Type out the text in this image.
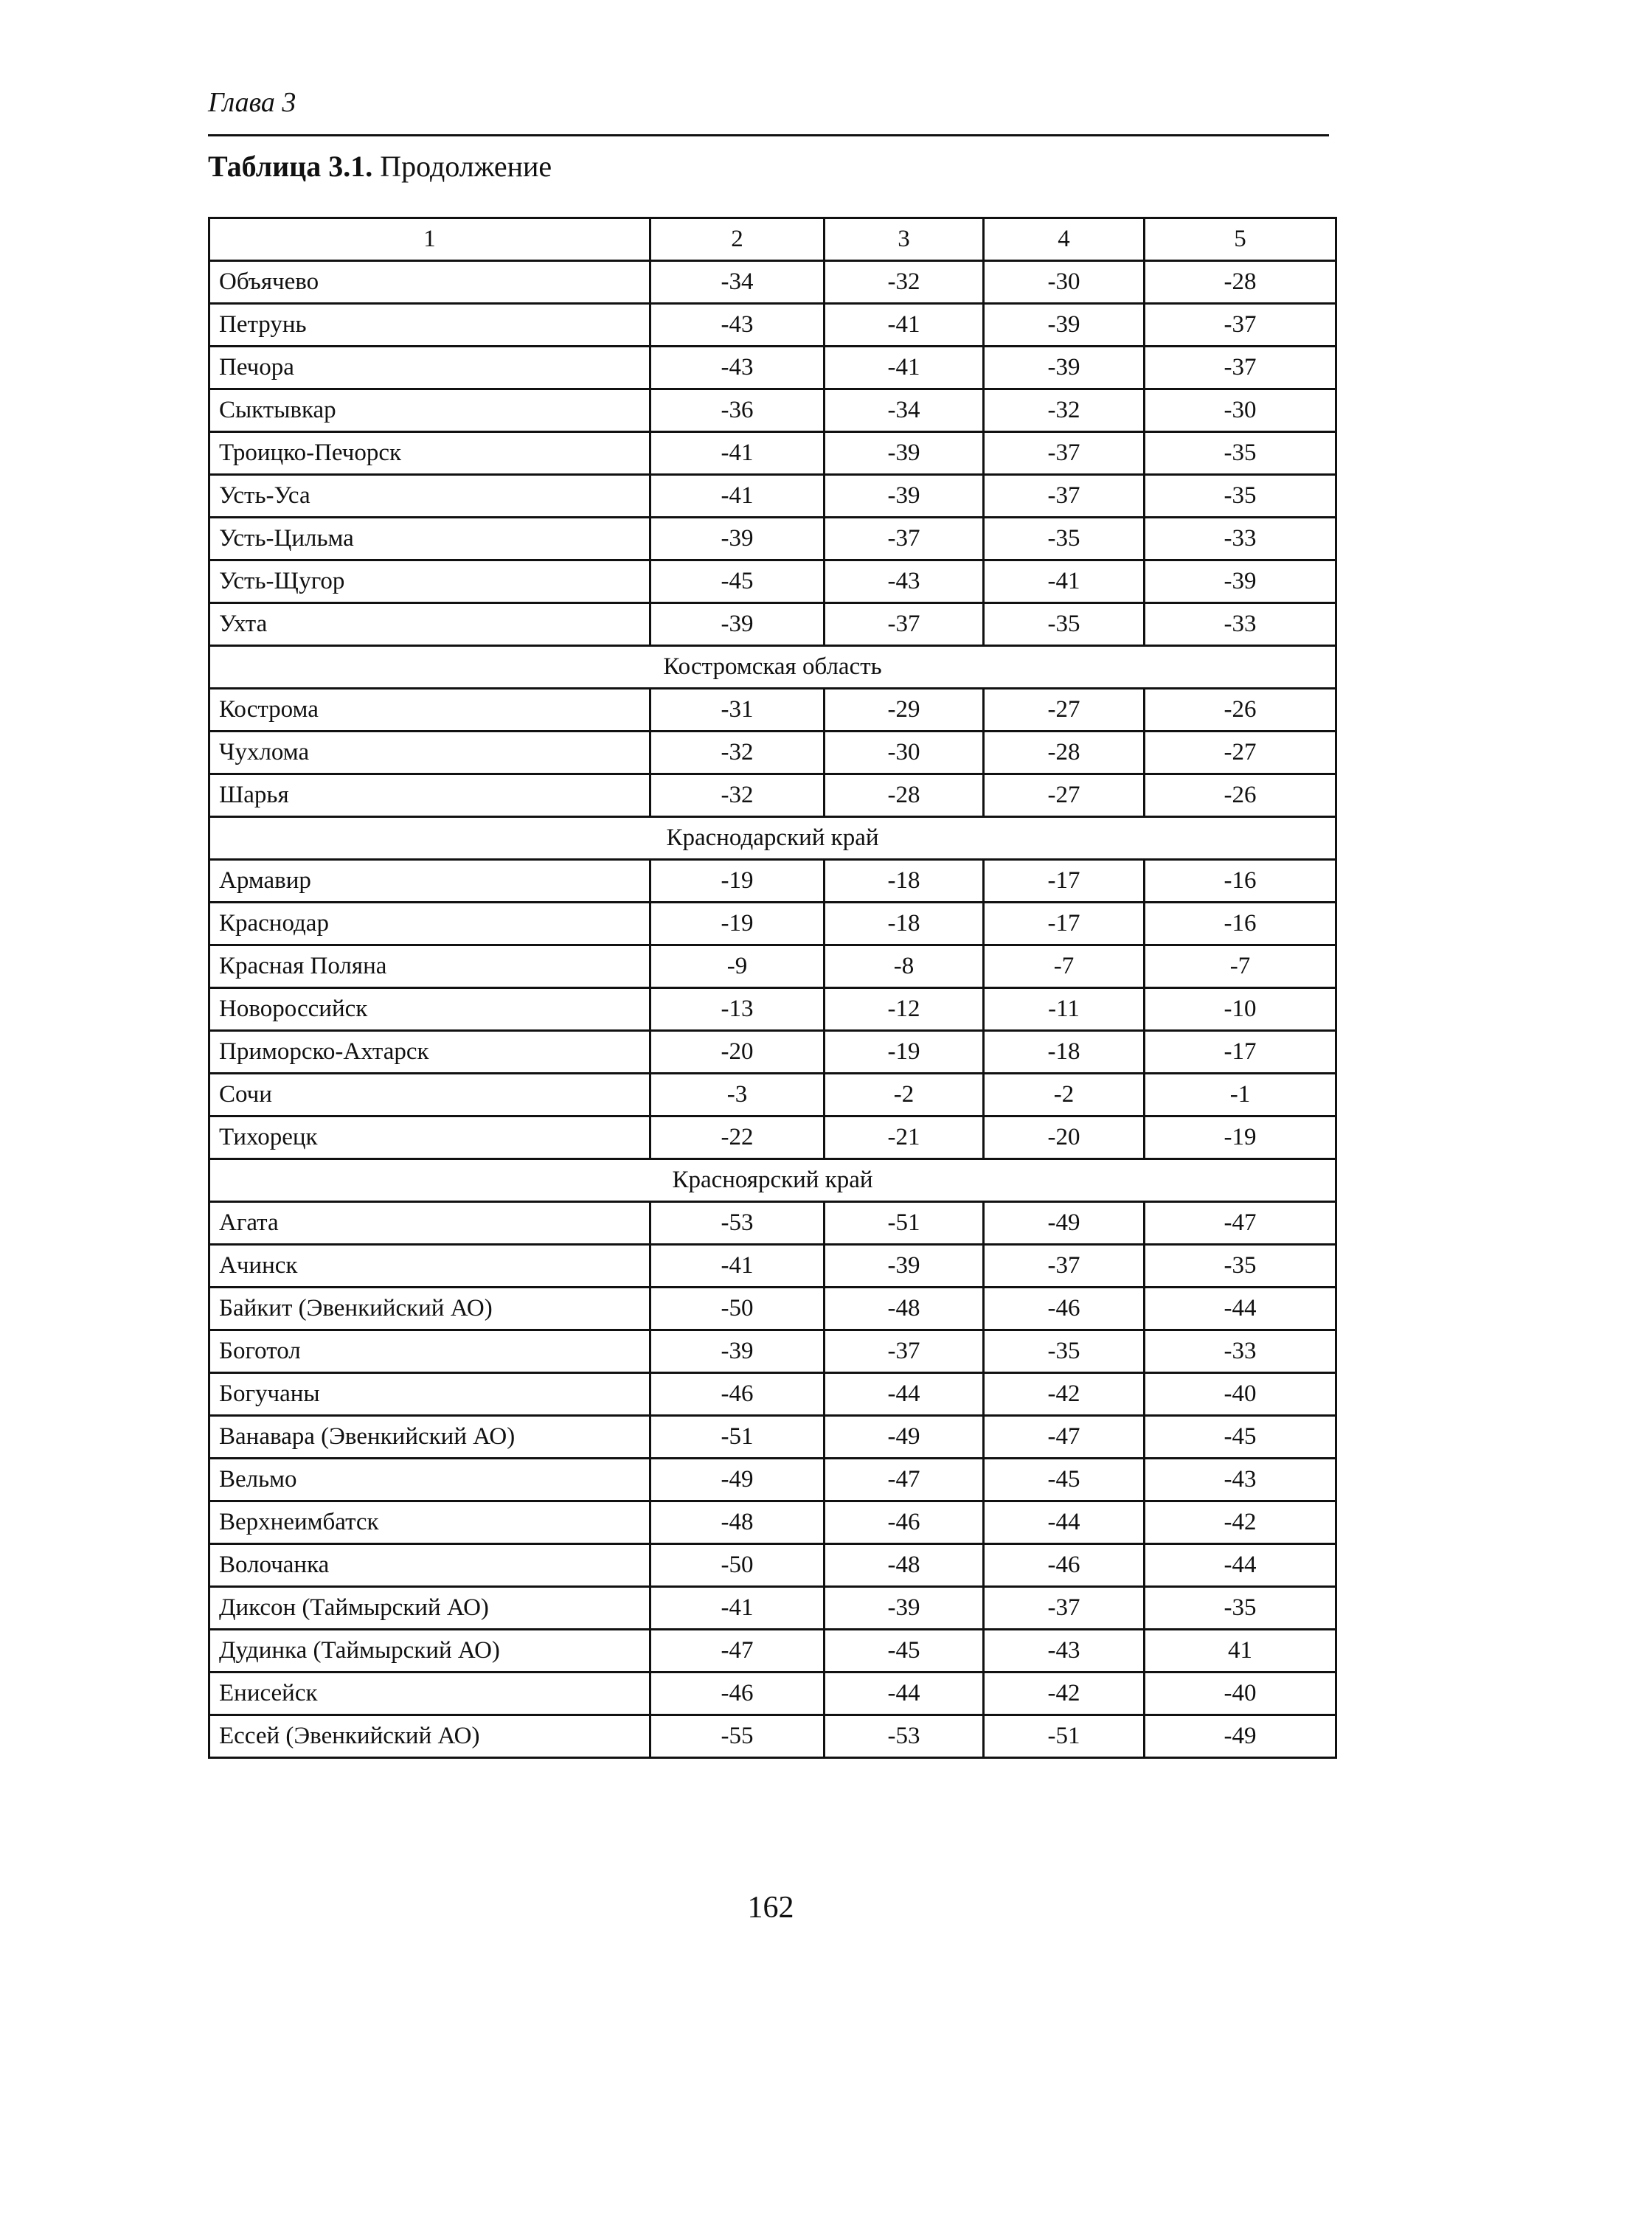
Глава 3
Таблица 3.1. Продолжение
1	2	3	4	5
Объячево	-34	-32	-30	-28
Петрунь	-43	-41	-39	-37
Печора	-43	-41	-39	-37
Сыктывкар	-36	-34	-32	-30
Троицко-Печорск	-41	-39	-37	-35
Усть-Уса	-41	-39	-37	-35
Усть-Цильма	-39	-37	-35	-33
Усть-Щугор	-45	-43	-41	-39
Ухта	-39	-37	-35	-33
Костромская область				
Кострома	-31	-29	-27	-26
Чухлома	-32	-30	-28	-27
Шарья	-32	-28	-27	-26
Краснодарский край				
Армавир	-19	-18	-17	-16
Краснодар	-19	-18	-17	-16
Красная Поляна	-9	-8	-7	-7
Новороссийск	-13	-12	-11	-10
Приморско-Ахтарск	-20	-19	-18	-17
Сочи	-3	-2	-2	-1
Тихорецк	-22	-21	-20	-19
Красноярский край				
Агата	-53	-51	-49	-47
Ачинск	-41	-39	-37	-35
Байкит (Эвенкийский АО)	-50	-48	-46	-44
Боготол	-39	-37	-35	-33
Богучаны	-46	-44	-42	-40
Ванавара (Эвенкийский АО)	-51	-49	-47	-45
Вельмо	-49	-47	-45	-43
Верхнеимбатск	-48	-46	-44	-42
Волочанка	-50	-48	-46	-44
Диксон (Таймырский АО)	-41	-39	-37	-35
Дудинка (Таймырский АО)	-47	-45	-43	41
Енисейск	-46	-44	-42	-40
Ессей (Эвенкийский АО)	-55	-53	-51	-49
162
